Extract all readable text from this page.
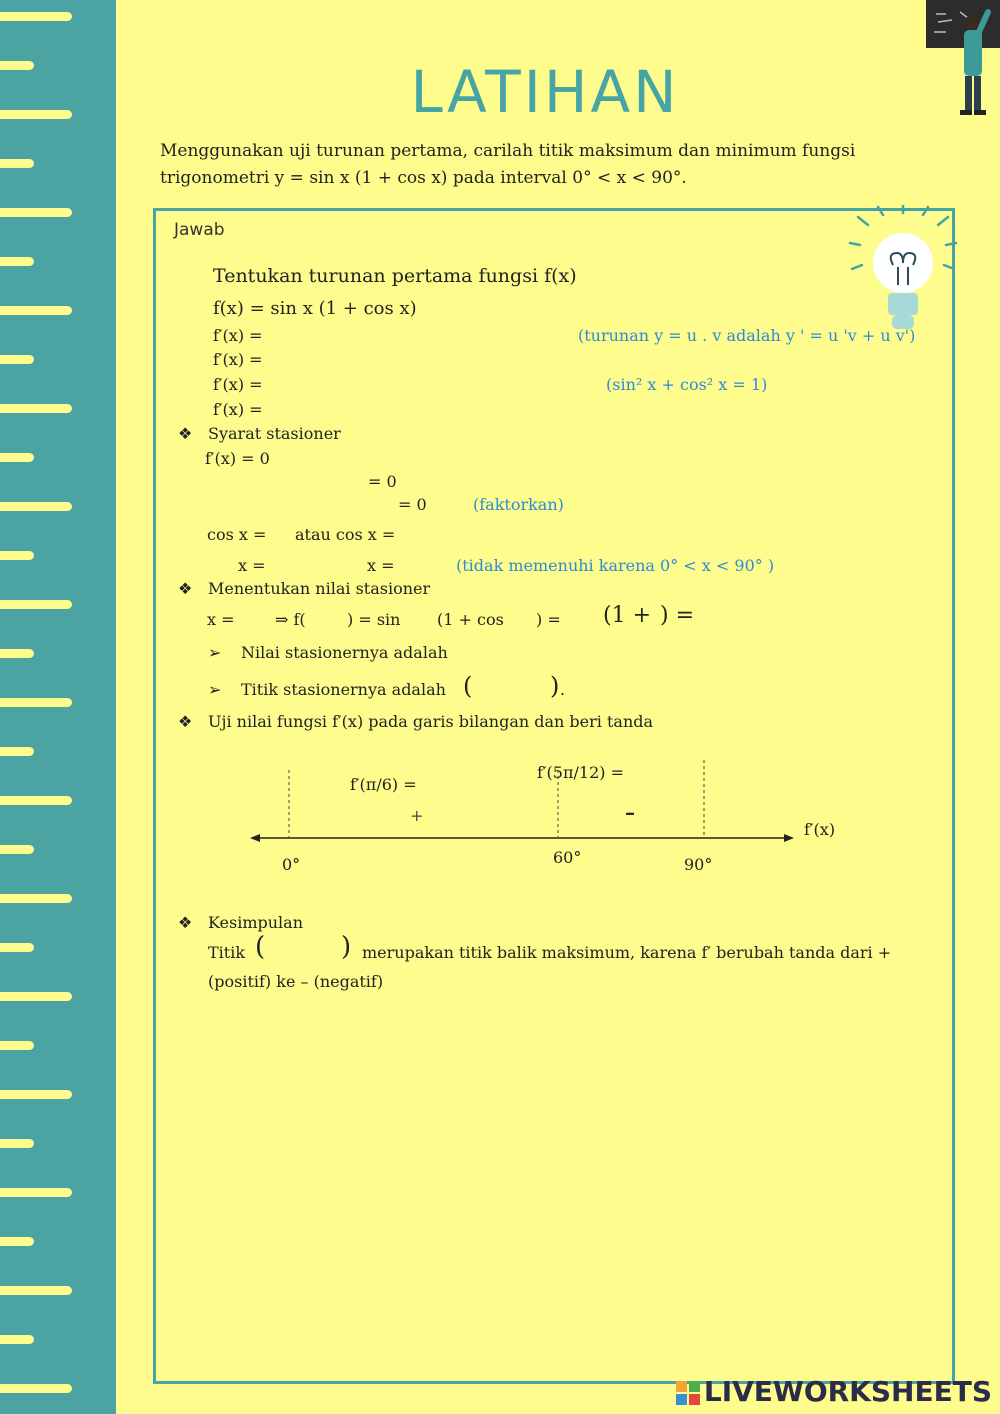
LATIHAN
Menggunakan uji turunan pertama, carilah titik maksimum dan minimum fungsi
trigonometri y = sin x (1 + cos x) pada interval 0° < x < 90°.
Jawab
Tentukan turunan pertama fungsi f(x)
f(x) = sin x (1 + cos x)
f′(x) =
f′(x) =
f′(x) =
f′(x) =
(turunan y = u . v adalah y ' = u 'v + u v')
(sin² x + cos² x = 1)
❖ Syarat stasioner
f′(x) = 0
= 0
= 0	(faktorkan)
cos x = atau cos x =
x =	x =	(tidak memenuhi karena 0° < x < 90° )
❖ Menentukan nilai stasioner
x =	⇒ f(	) = sin (1 + cos ) = (1 + ) =
➢ Nilai stasionernya adalah
➢ Titik stasionernya adalah (	) .
❖ Uji nilai fungsi f′(x) pada garis bilangan dan beri tanda
f′(π/6) =
f′(5π/12) =
+	–
f′(x)
0°	60°	90°
❖ Kesimpulan
Titik (	) merupakan titik balik maksimum, karena f′ berubah tanda dari +
(positif) ke – (negatif)
LIVEWORKSHEETS
